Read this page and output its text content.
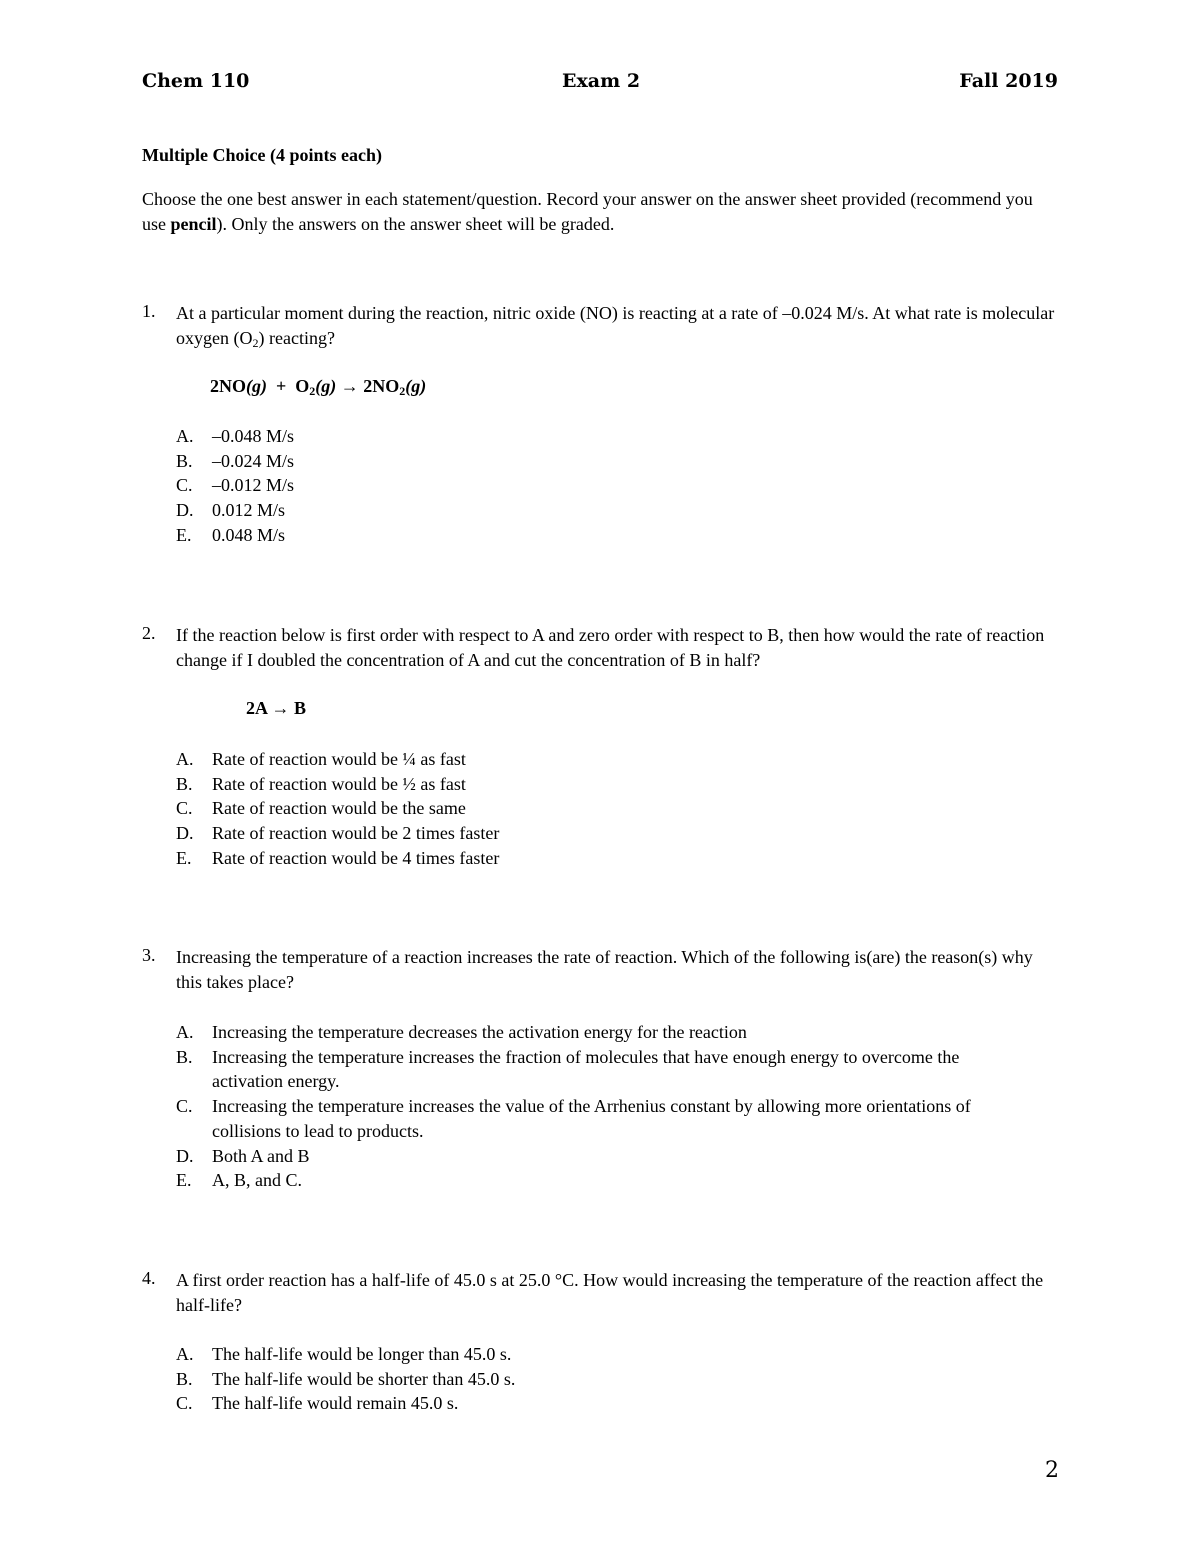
Chem 110	Exam 2	Fall 2019
Multiple Choice (4 points each)
Choose the one best answer in each statement/question. Record your answer on the answer sheet provided (recommend you use pencil). Only the answers on the answer sheet will be graded.
1. At a particular moment during the reaction, nitric oxide (NO) is reacting at a rate of –0.024 M/s. At what rate is molecular oxygen $(O_2)$ reacting?
$2NO(g) + O_2(g) \to 2NO_2(g)$
A. –0.048 M/s
B. –0.024 M/s
C. –0.012 M/s
D. 0.012 M/s
E. 0.048 M/s
2. If the reaction below is first order with respect to A and zero order with respect to B, then how would the rate of reaction change if I doubled the concentration of A and cut the concentration of B in half?
2A → B
A. Rate of reaction would be ¼ as fast
B. Rate of reaction would be ½ as fast
C. Rate of reaction would be the same
D. Rate of reaction would be 2 times faster
E. Rate of reaction would be 4 times faster
3. Increasing the temperature of a reaction increases the rate of reaction. Which of the following is(are) the reason(s) why this takes place?
A. Increasing the temperature decreases the activation energy for the reaction
B. Increasing the temperature increases the fraction of molecules that have enough energy to overcome the activation energy.
C. Increasing the temperature increases the value of the Arrhenius constant by allowing more orientations of collisions to lead to products.
D. Both A and B
E. A, B, and C.
4. A first order reaction has a half-life of 45.0 s at 25.0 °C. How would increasing the temperature of the reaction affect the half-life?
A. The half-life would be longer than 45.0 s.
B. The half-life would be shorter than 45.0 s.
C. The half-life would remain 45.0 s.
2
